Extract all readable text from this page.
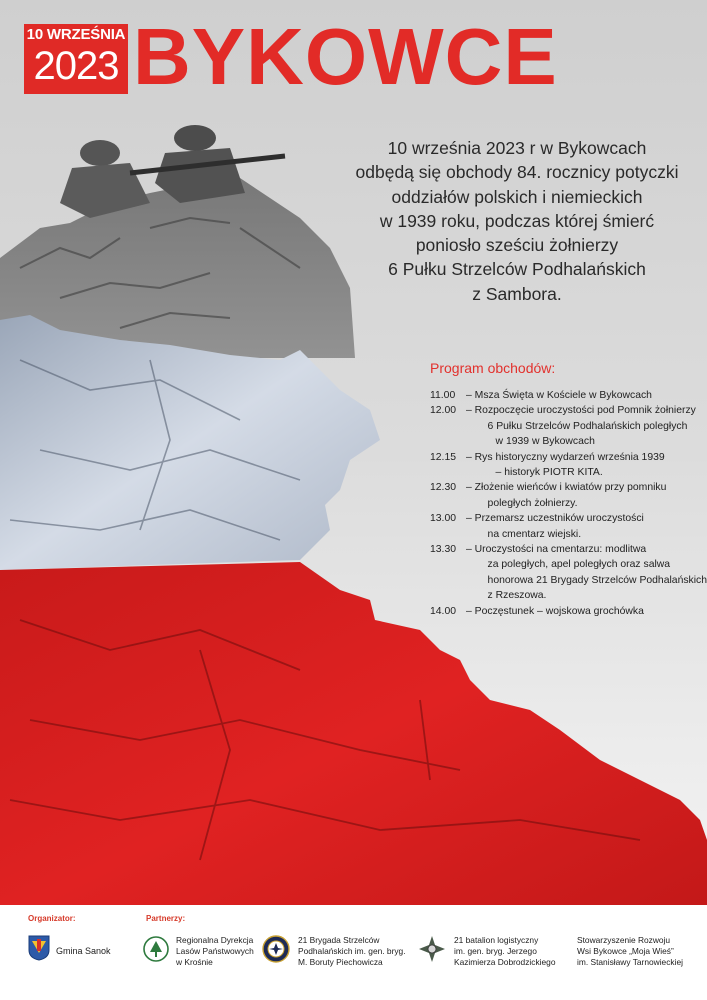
10 WRZEŚNIA
2023 BYKOWCE
10 września 2023 r w Bykowcach
odbędą się obchody 84. rocznicy potyczki
oddziałów polskich i niemieckich
w 1939 roku, podczas której śmierć
poniosło sześciu żołnierzy
6 Pułku Strzelców Podhalańskich
z Sambora.
Program obchodów:
11.00	– Msza Święta w Kościele w Bykowcach
12.00 – Rozpoczęcie uroczystości pod Pomnik żołnierzy
6 Pułku Strzelców Podhalańskich poległych
w 1939 w Bykowcach
12.15 – Rys historyczny wydarzeń września 1939
– historyk PIOTR KITA.
12.30 – Złożenie wieńców i kwiatów przy pomniku
poległych żołnierzy.
13.00 – Przemarsz uczestników uroczystości
na cmentarz wiejski.
13.30 – Uroczystości na cmentarzu: modlitwa
za poległych, apel poległych oraz salwa
honorowa 21 Brygady Strzelców Podhalańskich
z Rzeszowa.
14.00 – Poczęstunek – wojskowa grochówka
Organizator:	Partnerzy:
Gmina Sanok
Regionalna Dyrekcja
Lasów Państwowych
w Krośnie
21 Brygada Strzelców
Podhalańskich im. gen. bryg.
M. Boruty Piechowicza
21 batalion logistyczny
im. gen. bryg. Jerzego
Kazimierza Dobrodzickiego
Stowarzyszenie Rozwoju
Wsi Bykowce „Moja Wieś”
im. Stanisławy Tarnowieckiej
